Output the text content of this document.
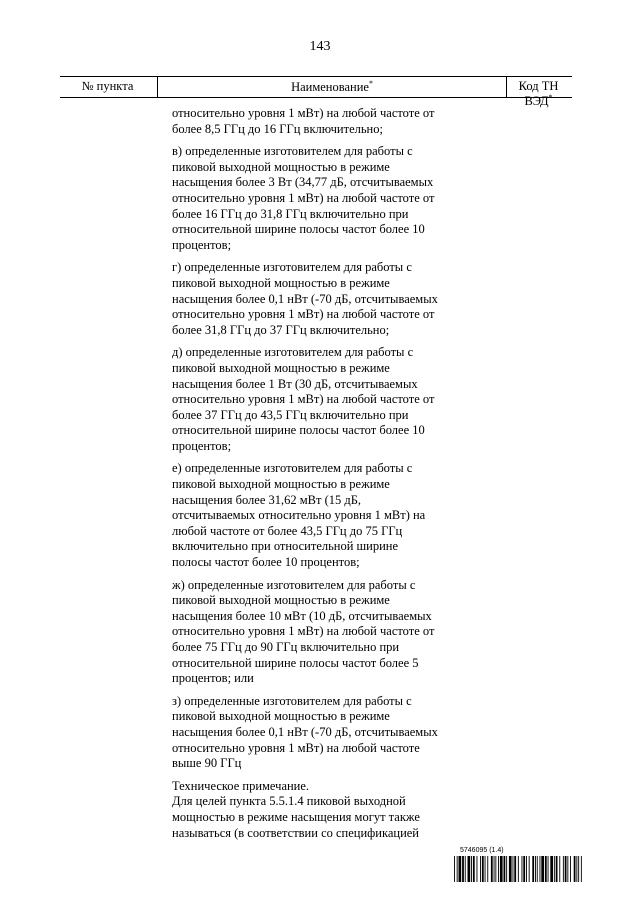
143
№ пункта	Наименование*	Код ТН ВЭД*

относительно уровня 1 мВт) на любой частоте от более 8,5 ГГц до 16 ГГц включительно;

в) определенные изготовителем для работы с пиковой выходной мощностью в режиме насыщения более 3 Вт (34,77 дБ, отсчитываемых относительно уровня 1 мВт) на любой частоте от более 16 ГГц до 31,8 ГГц включительно при относительной ширине полосы частот более 10 процентов;

г) определенные изготовителем для работы с пиковой выходной мощностью в режиме насыщения более 0,1 нВт (-70 дБ, отсчитываемых относительно уровня 1 мВт) на любой частоте от более 31,8 ГГц до 37 ГГц включительно;

д) определенные изготовителем для работы с пиковой выходной мощностью в режиме насыщения более 1 Вт (30 дБ, отсчитываемых относительно уровня 1 мВт) на любой частоте от более 37 ГГц до 43,5 ГГц включительно при относительной ширине полосы частот более 10 процентов;

е) определенные изготовителем для работы с пиковой выходной мощностью в режиме насыщения более 31,62 мВт (15 дБ, отсчитываемых относительно уровня 1 мВт) на любой частоте от более 43,5 ГГц до 75 ГГц включительно при относительной ширине полосы частот более 10 процентов;

ж) определенные изготовителем для работы с пиковой выходной мощностью в режиме насыщения более 10 мВт (10 дБ, отсчитываемых относительно уровня 1 мВт) на любой частоте от более 75 ГГц до 90 ГГц включительно при относительной ширине полосы частот более 5 процентов; или

з) определенные изготовителем для работы с пиковой выходной мощностью в режиме насыщения более 0,1 нВт (-70 дБ, отсчитываемых относительно уровня 1 мВт) на любой частоте выше 90 ГГц

Техническое примечание.

Для целей пункта 5.5.1.4 пиковой выходной мощностью в режиме насыщения могут также называться (в соответствии со спецификацией

5746095 (1.4)
